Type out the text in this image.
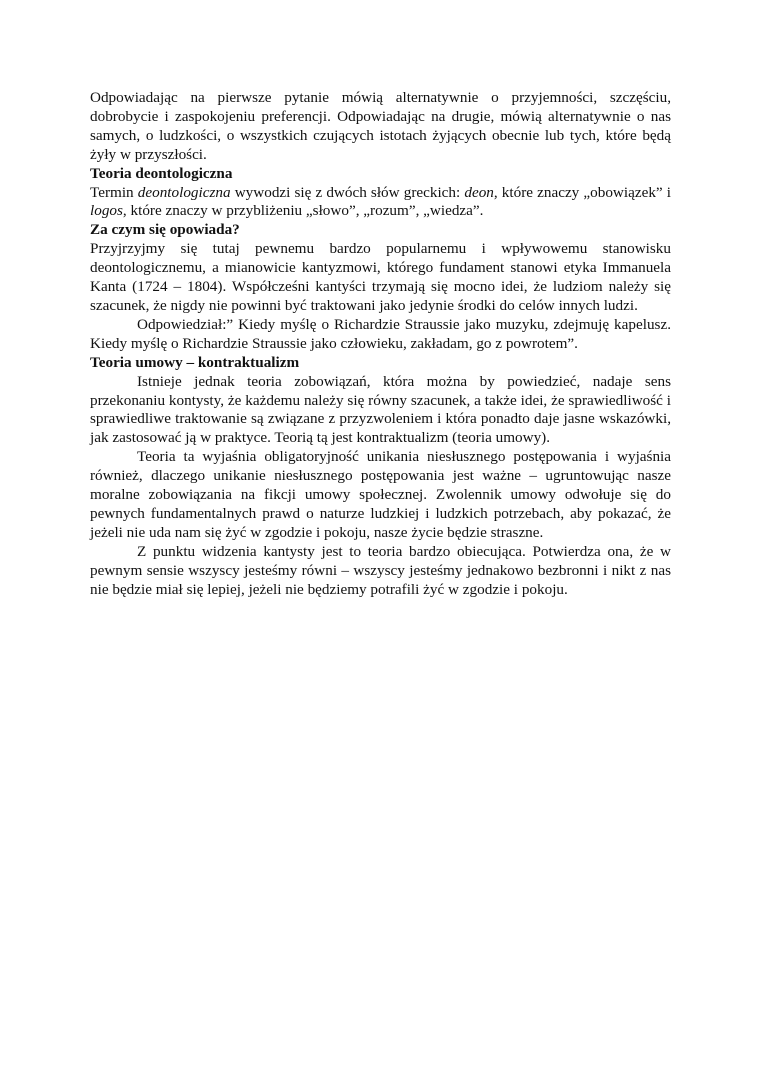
Odpowiadając na pierwsze pytanie mówią alternatywnie o przyjemności, szczęściu, dobrobycie i zaspokojeniu preferencji. Odpowiadając na drugie, mówią alternatywnie o nas samych, o ludzkości, o wszystkich czujących istotach żyjących obecnie lub tych, które będą żyły w przyszłości.

Teoria deontologiczna

Termin deontologiczna wywodzi się z dwóch słów greckich: deon, które znaczy „obowiązek” i logos, które znaczy w przybliżeniu „słowo”, „rozum”, „wiedza”.

Za czym się opowiada?

Przyjrzyjmy się tutaj pewnemu bardzo popularnemu i wpływowemu stanowisku deontologicznemu, a mianowicie kantyzmowi, którego fundament stanowi etyka Immanuela Kanta (1724 – 1804). Współcześni kantyści trzymają się mocno idei, że ludziom należy się szacunek, że nigdy nie powinni być traktowani jako jedynie środki do celów innych ludzi.

Odpowiedział:” Kiedy myślę o Richardzie Straussie jako muzyku, zdejmuję kapelusz. Kiedy myślę o Richardzie Straussie jako człowieku, zakładam, go z powrotem”.

Teoria umowy – kontraktualizm

Istnieje jednak teoria zobowiązań, która można by powiedzieć, nadaje sens przekonaniu kontysty, że każdemu należy się równy szacunek, a także idei, że sprawiedliwość i sprawiedliwe traktowanie są związane z przyzwoleniem i która ponadto daje jasne wskazówki, jak zastosować ją w praktyce. Teorią tą jest kontraktualizm (teoria umowy).

Teoria ta wyjaśnia obligatoryjność unikania niesłusznego postępowania i wyjaśnia również, dlaczego unikanie niesłusznego postępowania jest ważne – ugruntowując nasze moralne zobowiązania na fikcji umowy społecznej. Zwolennik umowy odwołuje się do pewnych fundamentalnych prawd o naturze ludzkiej i ludzkich potrzebach, aby pokazać, że jeżeli nie uda nam się żyć w zgodzie i pokoju, nasze życie będzie straszne.

Z punktu widzenia kantysty jest to teoria bardzo obiecująca. Potwierdza ona, że w pewnym sensie wszyscy jesteśmy równi – wszyscy jesteśmy jednakowo bezbronni i nikt z nas nie będzie miał się lepiej, jeżeli nie będziemy potrafili żyć w zgodzie i pokoju.
